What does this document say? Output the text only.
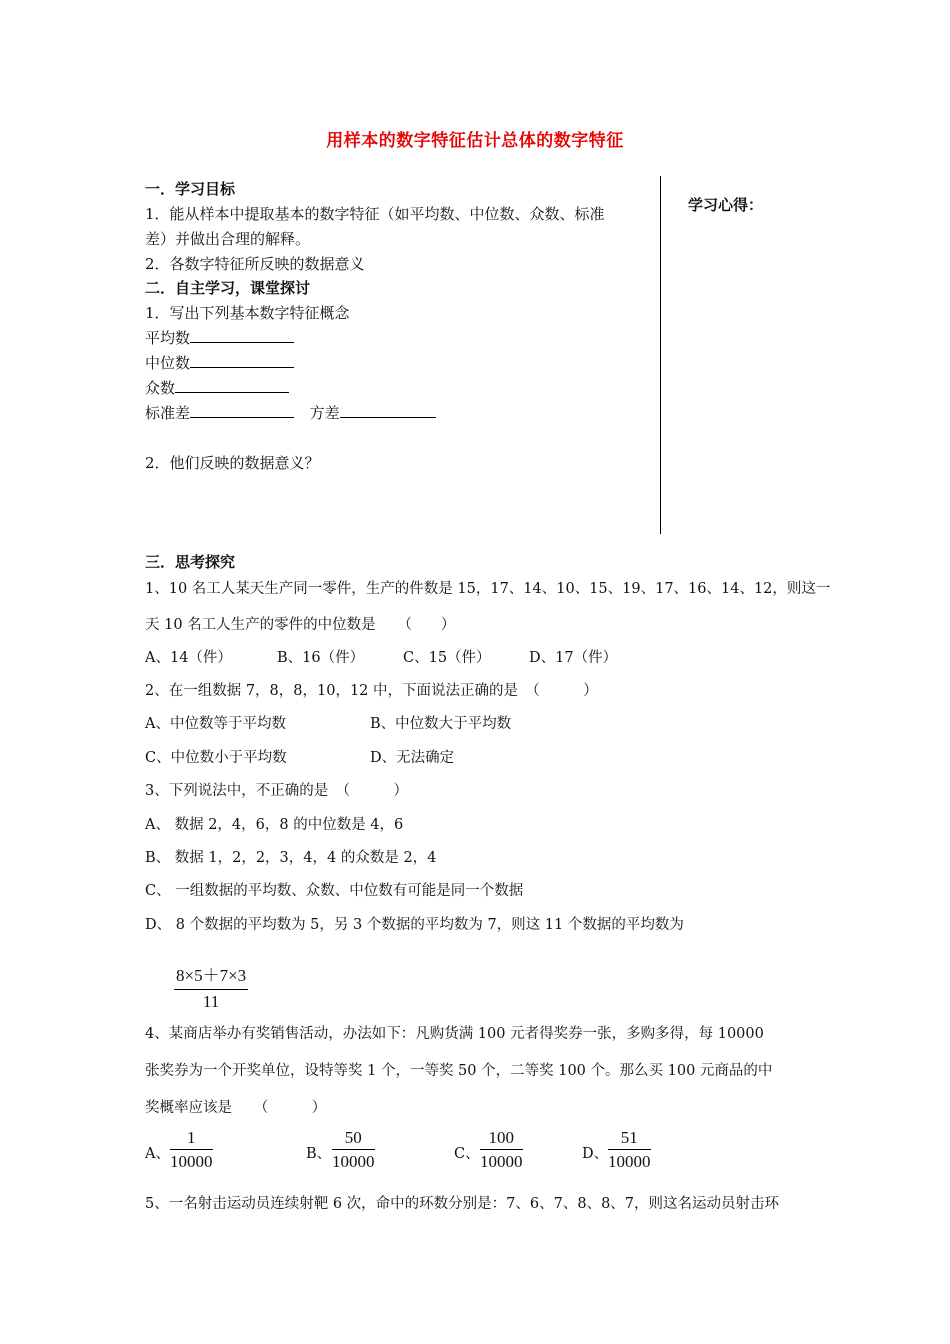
用样本的数字特征估计总体的数字特征
学习心得：
一．学习目标
1．能从样本中提取基本的数字特征（如平均数、中位数、众数、标准
差）并做出合理的解释。
2．各数字特征所反映的数据意义
二．自主学习，课堂探讨
1．写出下列基本数字特征概念
平均数
中位数
众数
标准差	方差
2．他们反映的数据意义？
三．思考探究
1、10 名工人某天生产同一零件，生产的件数是 15，17、14、10、15、19、17、16、14、12，则这一
天 10 名工人生产的零件的中位数是　　（　　）
A、14（件）	B、16（件）	C、15（件）	D、17（件）
2、在一组数据 7，8，8，10，12 中，下面说法正确的是　（　　　）
A、中位数等于平均数	B、中位数大于平均数
C、中位数小于平均数	D、无法确定
3、下列说法中，不正确的是　（　　　）
A、 数据 2，4，6，8 的中位数是 4，6
B、 数据 1，2，2，3，4，4 的众数是 2，4
C、 一组数据的平均数、众数、中位数有可能是同一个数据
D、 8 个数据的平均数为 5，另 3 个数据的平均数为 7，则这 11 个数据的平均数为
$\frac{8\times 5+7\times 3}{11}$
4、某商店举办有奖销售活动，办法如下：凡购货满 100 元者得奖券一张，多购多得，每 10000
张奖券为一个开奖单位，设特等奖 1 个，一等奖 50 个，二等奖 100 个。那么买 100 元商品的中
奖概率应该是　　（　　　）
A、 $\frac{1}{10000}$	B、 $\frac{50}{10000}$	C、 $\frac{100}{10000}$	D、 $\frac{51}{10000}$
5、一名射击运动员连续射靶 6 次，命中的环数分别是：7、6、7、8、8、7，则这名运动员射击环
